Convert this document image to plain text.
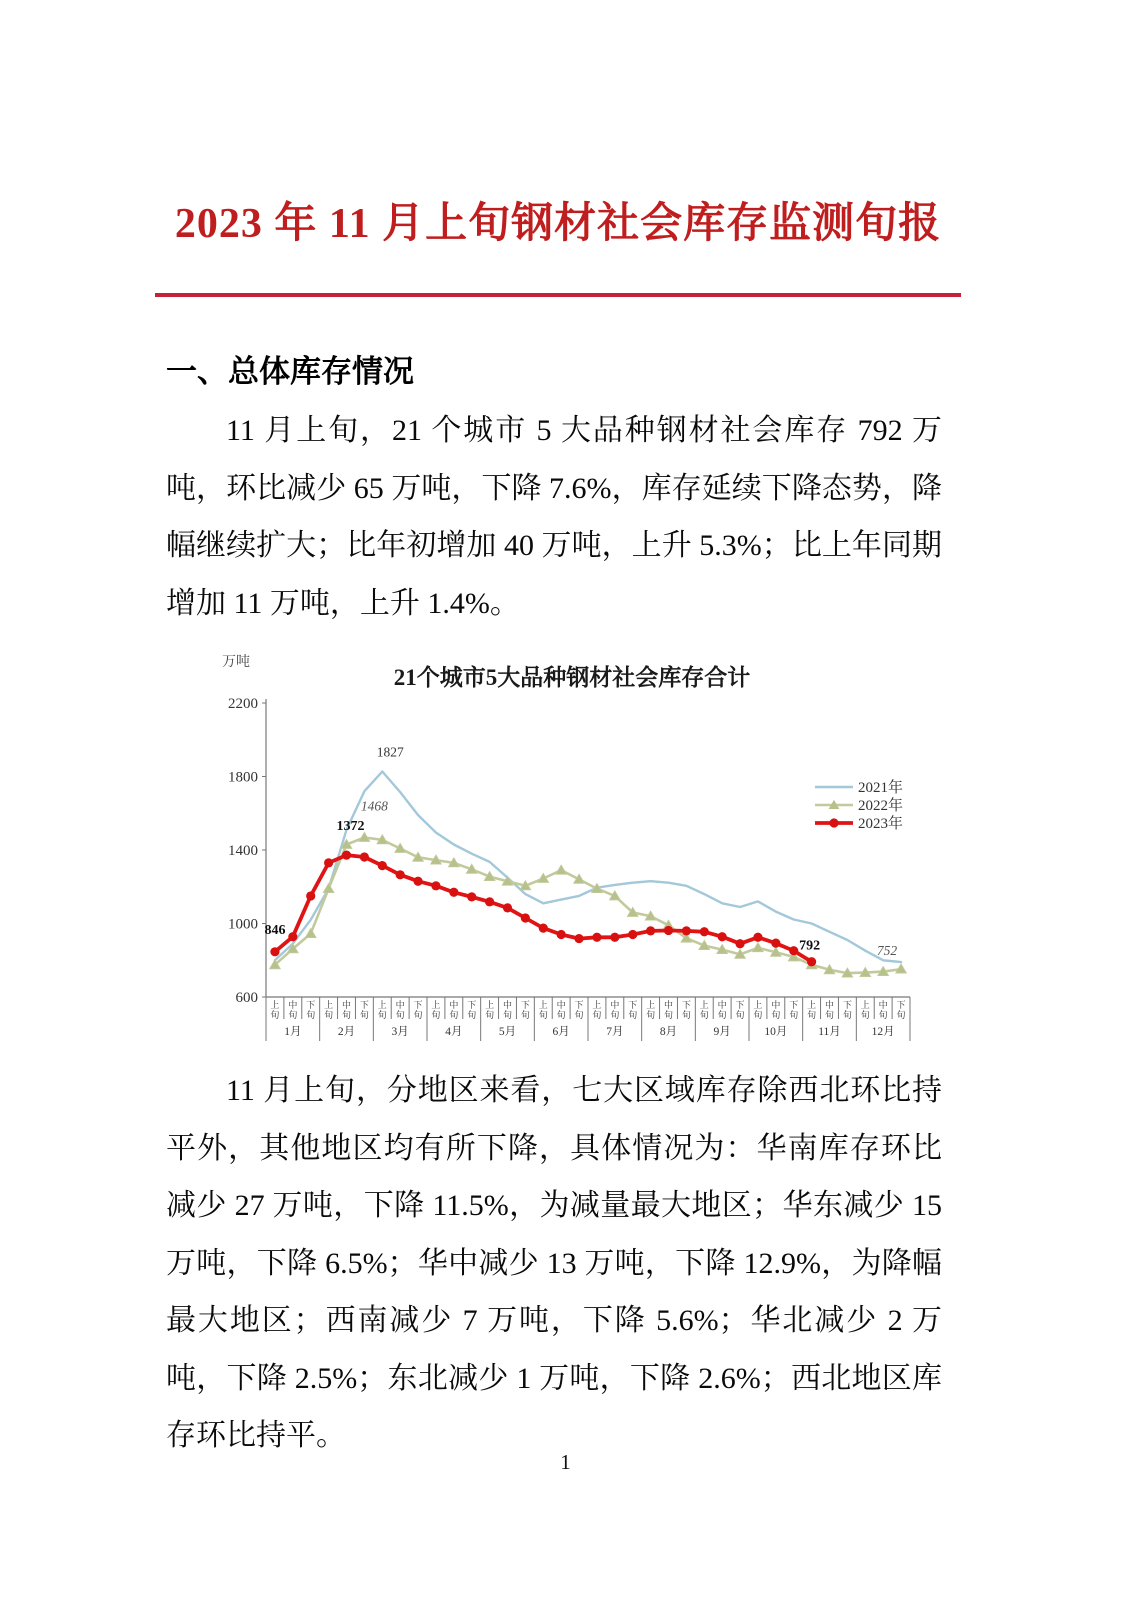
2023 年 11 月上旬钢材社会库存监测旬报
一、总体库存情况
11 月上旬，21 个城市 5 大品种钢材社会库存 792 万吨，环比减少 65 万吨，下降 7.6%，库存延续下降态势，降幅继续扩大；比年初增加 40 万吨，上升 5.3%；比上年同期增加 11 万吨，上升 1.4%。
21个城市5大品种钢材社会库存合计
万吨
2200
1800
1400
1000
600 上旬
中旬
下旬
上旬
中旬
下旬
上旬
中旬
下旬
上旬
中旬
下旬
上旬
中旬
下旬
上旬
中旬
下旬
上旬
中旬
下旬
上旬
中旬
下旬
上旬
中旬
下旬
上旬
中旬
下旬
上旬
中旬
下旬
上旬
中旬
下旬
1月	2月	3月	4月	5月	6月	7月	8月	9月	10月	11月	12月
846
1372
1468
1827
792	752
2021年
2022年
2023年
11 月上旬，分地区来看，七大区域库存除西北环比持平外，其他地区均有所下降，具体情况为：华南库存环比减少 27 万吨，下降 11.5%，为减量最大地区；华东减少 15 万吨，下降 6.5%；华中减少 13 万吨，下降 12.9%，为降幅最大地区；西南减少 7 万吨，下降 5.6%；华北减少 2 万吨，下降 2.5%；东北减少 1 万吨，下降 2.6%；西北地区库存环比持平。
1
